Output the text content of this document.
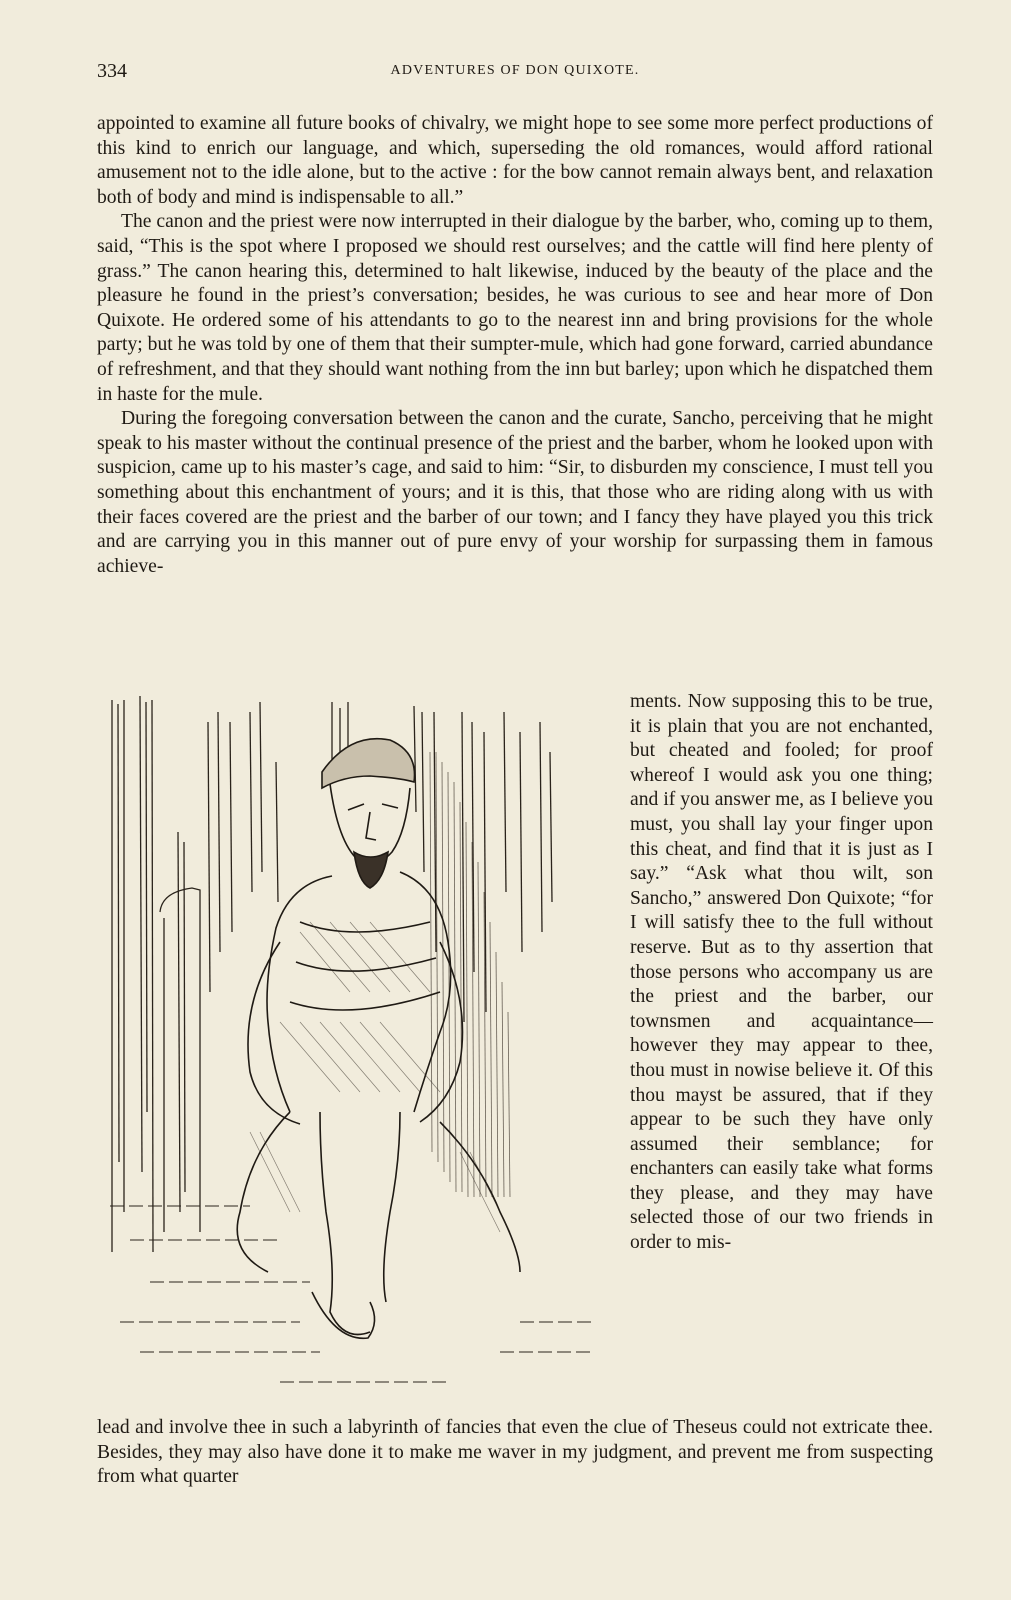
334	ADVENTURES OF DON QUIXOTE.

appointed to examine all future books of chivalry, we might hope to see some more perfect productions of this kind to enrich our language, and which, superseding the old romances, would afford rational amusement not to the idle alone, but to the active : for the bow cannot remain always bent, and relaxation both of body and mind is indispensable to all.”

The canon and the priest were now interrupted in their dialogue by the barber, who, coming up to them, said, “This is the spot where I proposed we should rest ourselves; and the cattle will find here plenty of grass.” The canon hearing this, determined to halt likewise, induced by the beauty of the place and the pleasure he found in the priest’s conversation; besides, he was curious to see and hear more of Don Quixote. He ordered some of his attendants to go to the nearest inn and bring provisions for the whole party; but he was told by one of them that their sumpter-mule, which had gone forward, carried abundance of refreshment, and that they should want nothing from the inn but barley; upon which he dispatched them in haste for the mule.

During the foregoing conversation between the canon and the curate, Sancho, perceiving that he might speak to his master without the continual presence of the priest and the barber, whom he looked upon with suspicion, came up to his master’s cage, and said to him: “Sir, to disburden my conscience, I must tell you something about this enchantment of yours; and it is this, that those who are riding along with us with their faces covered are the priest and the barber of our town; and I fancy they have played you this trick and are carrying you in this manner out of pure envy of your worship for surpassing them in famous achieve-

ments. Now supposing this to be true, it is plain that you are not enchanted, but cheated and fooled; for proof whereof I would ask you one thing; and if you answer me, as I believe you must, you shall lay your finger upon this cheat, and find that it is just as I say.” “Ask what thou wilt, son Sancho,” answered Don Quixote; “for I will satisfy thee to the full without reserve. But as to thy assertion that those persons who accompany us are the priest and the barber, our townsmen and acquaintance—however they may appear to thee, thou must in nowise believe it. Of this thou mayst be assured, that if they appear to be such they have only assumed their semblance; for enchanters can easily take what forms they please, and they may have selected those of our two friends in order to mis-
lead and involve thee in such a labyrinth of fancies that even the clue of Theseus could not extricate thee. Besides, they may also have done it to make me waver in my judgment, and prevent me from suspecting from what quarter
